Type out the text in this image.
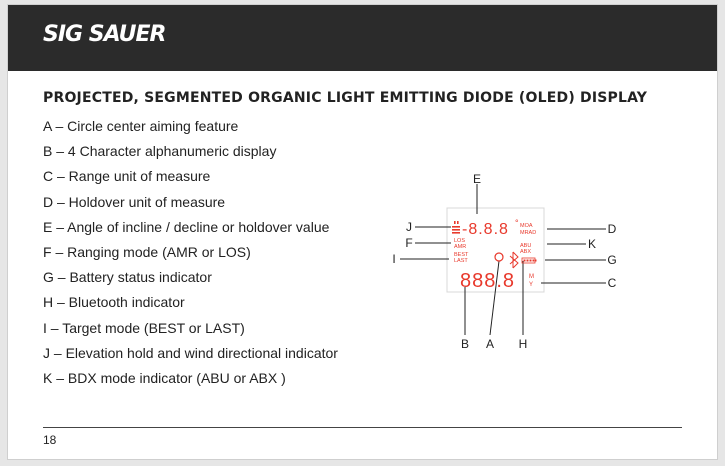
SIG SAUER
PROJECTED, SEGMENTED ORGANIC LIGHT EMITTING DIODE (OLED) DISPLAY
A – Circle center aiming feature
B – 4 Character alphanumeric display
C – Range unit of measure
D – Holdover unit of measure
E – Angle of incline / decline or holdover value
F – Ranging mode (AMR or LOS)
G – Battery status indicator
H – Bluetooth indicator
I – Target mode (BEST or LAST)
J – Elevation hold and wind directional indicator
K – BDX mode indicator (ABU or ABX )
E
J
F
I
D
K
G
C
B A H
-8.8.8 ° MOA
MRAD
LOS
AMR
BEST
LAST
ABU
ABX
888.8 M
Y
18
